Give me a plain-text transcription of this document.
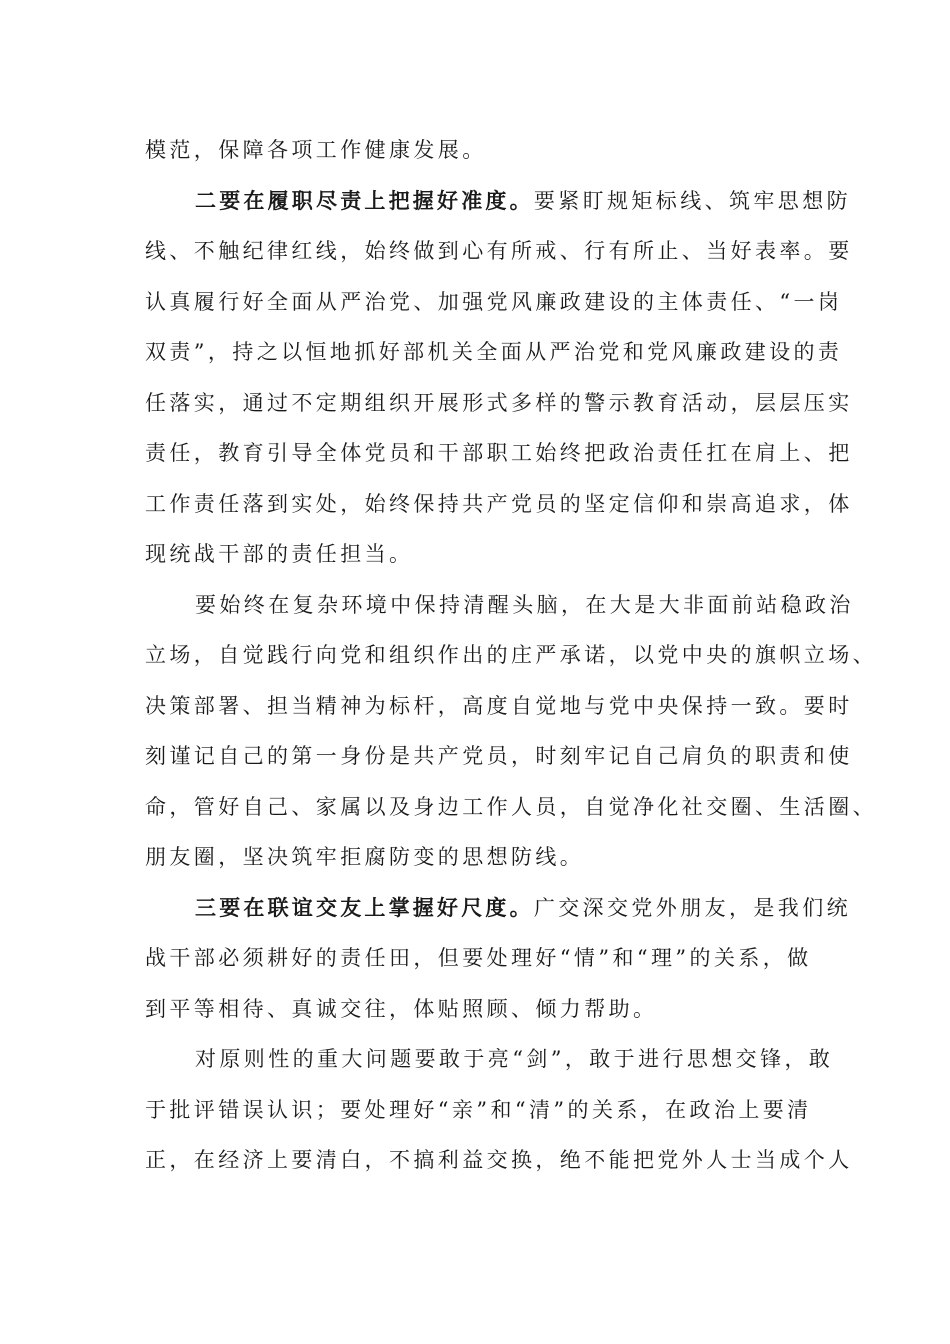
模范，保障各项工作健康发展。
二要在履职尽责上把握好准度。要紧盯规矩标线、筑牢思想防
线、不触纪律红线，始终做到心有所戒、行有所止、当好表率。要
认真履行好全面从严治党、加强党风廉政建设的主体责任、“一岗
双责”，持之以恒地抓好部机关全面从严治党和党风廉政建设的责
任落实，通过不定期组织开展形式多样的警示教育活动，层层压实
责任，教育引导全体党员和干部职工始终把政治责任扛在肩上、把
工作责任落到实处，始终保持共产党员的坚定信仰和崇高追求，体
现统战干部的责任担当。
要始终在复杂环境中保持清醒头脑，在大是大非面前站稳政治
立场，自觉践行向党和组织作出的庄严承诺，以党中央的旗帜立场、
决策部署、担当精神为标杆，高度自觉地与党中央保持一致。要时
刻谨记自己的第一身份是共产党员，时刻牢记自己肩负的职责和使
命，管好自己、家属以及身边工作人员，自觉净化社交圈、生活圈、
朋友圈，坚决筑牢拒腐防变的思想防线。
三要在联谊交友上掌握好尺度。广交深交党外朋友，是我们统
战干部必须耕好的责任田，但要处理好“情”和“理”的关系，做
到平等相待、真诚交往，体贴照顾、倾力帮助。
对原则性的重大问题要敢于亮“剑”，敢于进行思想交锋，敢
于批评错误认识；要处理好“亲”和“清”的关系，在政治上要清
正，在经济上要清白，不搞利益交换，绝不能把党外人士当成个人
